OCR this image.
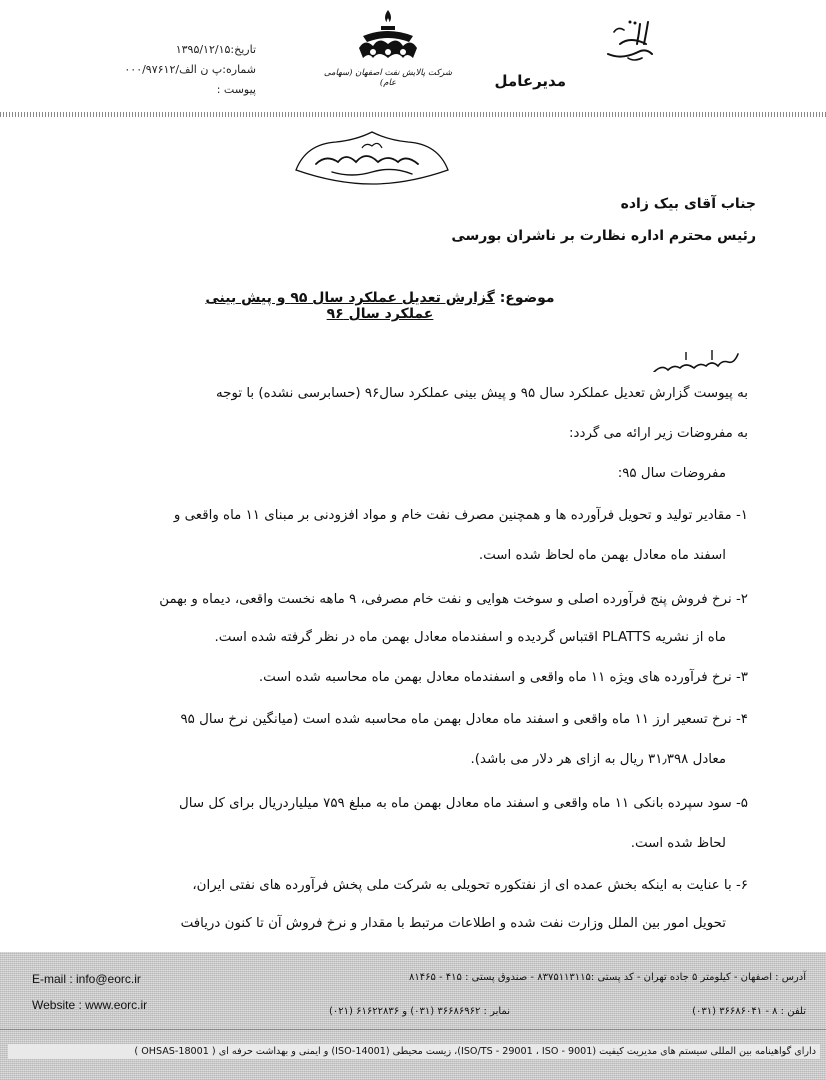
مدیرعامل
شرکت پالایش نفت اصفهان (سهامی عام)
تاریخ:۱۳۹۵/۱۲/۱۵
شماره:پ ن الف/۰۰۰/۹۷۶۱۲
پیوست :
جناب آقای بیک زاده
رئیس محترم اداره نظارت بر ناشران بورسی
موضوع: گزارش تعدیل عملکرد سال ۹۵ و پیش بینی عملکرد سال ۹۶
به پیوست گزارش تعدیل عملکرد سال ۹۵ و پیش بینی عملکرد سال۹۶ (حسابرسی نشده) با توجه
به مفروضات زیر ارائه می گردد:
مفروضات سال ۹۵:
۱- مقادیر تولید و تحویل فرآورده ها و همچنین مصرف نفت خام و مواد افزودنی بر مبنای ۱۱ ماه واقعی و
اسفند ماه معادل بهمن ماه لحاظ شده است.
۲- نرخ فروش پنج فرآورده اصلی و سوخت هوایی و نفت خام مصرفی، ۹ ماهه نخست واقعی، دیماه و بهمن
ماه از نشریه PLATTS اقتباس گردیده و اسفندماه معادل بهمن ماه در نظر گرفته شده است.
۳- نرخ فرآورده های ویژه ۱۱ ماه واقعی و اسفندماه معادل بهمن ماه محاسبه شده است.
۴- نرخ تسعیر ارز ۱۱ ماه واقعی و اسفند ماه معادل بهمن ماه محاسبه شده است (میانگین نرخ سال ۹۵
معادل ۳۱٫۳۹۸ ریال به ازای هر دلار می باشد).
۵- سود سپرده بانکی ۱۱ ماه واقعی و اسفند ماه معادل بهمن ماه به مبلغ ۷۵۹ میلیاردریال برای کل سال
لحاظ شده است.
۶- با عنایت به اینکه بخش عمده ای از نفتکوره تحویلی به شرکت ملی پخش فرآورده های نفتی ایران،
تحویل امور بین الملل وزارت نفت شده و اطلاعات مرتبط با مقدار و نرخ فروش آن تا کنون دریافت
E-mail : info@eorc.ir
Website : www.eorc.ir
آدرس : اصفهان - کیلومتر ۵ جاده تهران - کد پستی :۸۳۷۵۱۱۳۱۱۵ - صندوق پستی : ۴۱۵ - ۸۱۴۶۵
نمابر : ۳۶۶۸۶۹۶۲ (۰۳۱) و ۶۱۶۲۲۸۳۶ (۰۲۱)	تلفن : ۸ - ۳۶۶۸۶۰۴۱ (۰۳۱)
دارای گواهینامه بین المللی سیستم های مدیریت کیفیت (ISO/TS - 29001 ، ISO - 9001)، زیست محیطی (ISO-14001) و ایمنی و بهداشت حرفه ای ( OHSAS-18001 )
